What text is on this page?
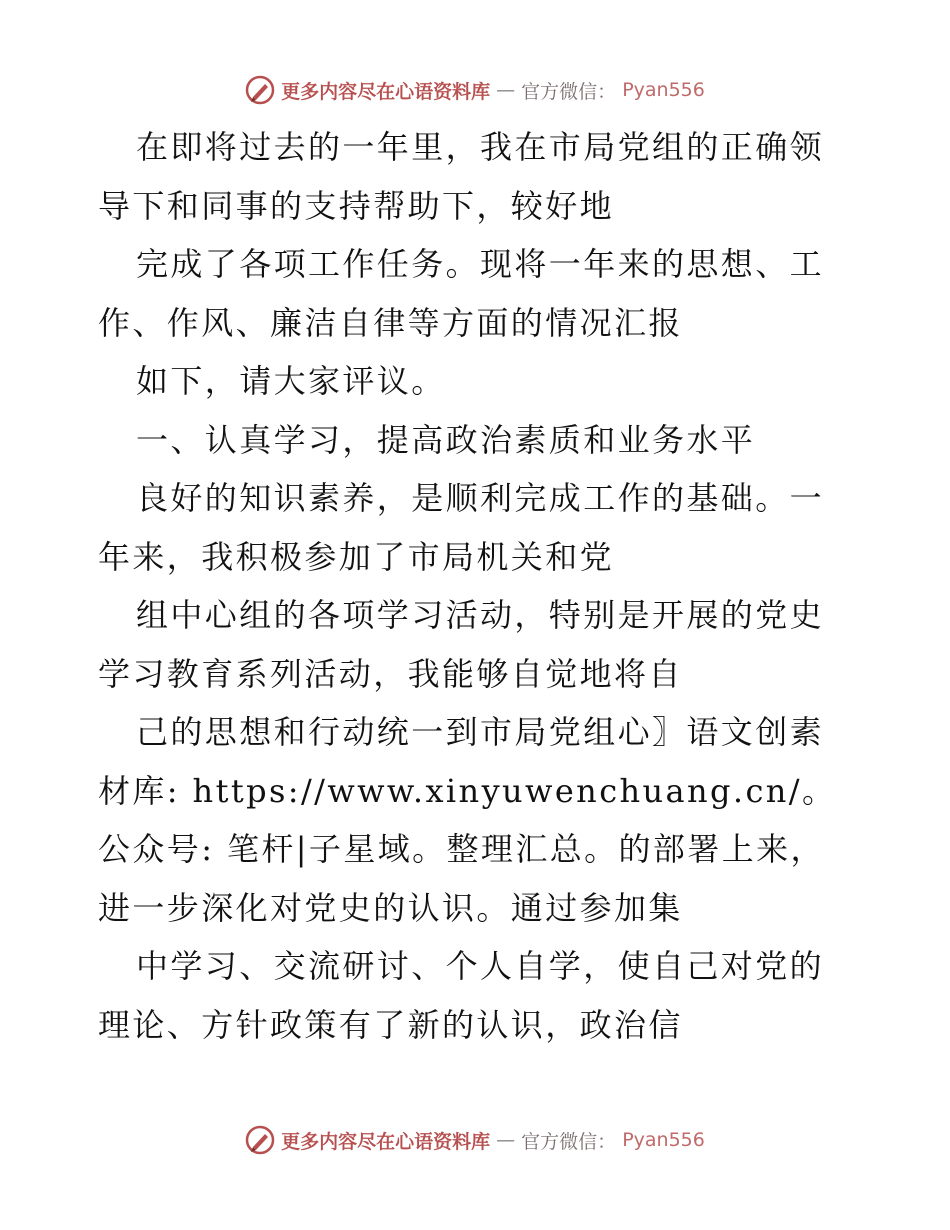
更多内容尽在心语资料库 — 官方微信： Pyan556

在即将过去的一年里，我在市局党组的正确领导下和同事的支持帮助下，较好地

完成了各项工作任务。现将一年来的思想、工作、作风、廉洁自律等方面的情况汇报

如下，请大家评议。

一、认真学习，提高政治素质和业务水平

良好的知识素养，是顺利完成工作的基础。一年来，我积极参加了市局机关和党

组中心组的各项学习活动，特别是开展的党史学习教育系列活动，我能够自觉地将自

己的思想和行动统一到市局党组心〗语文创素材库: https://www.xinyuwenchuang.cn/。公众号: 笔杆|子星域。整理汇总。的部署上来，进一步深化对党史的认识。通过参加集

中学习、交流研讨、个人自学，使自己对党的理论、方针政策有了新的认识，政治信

更多内容尽在心语资料库 — 官方微信： Pyan556
